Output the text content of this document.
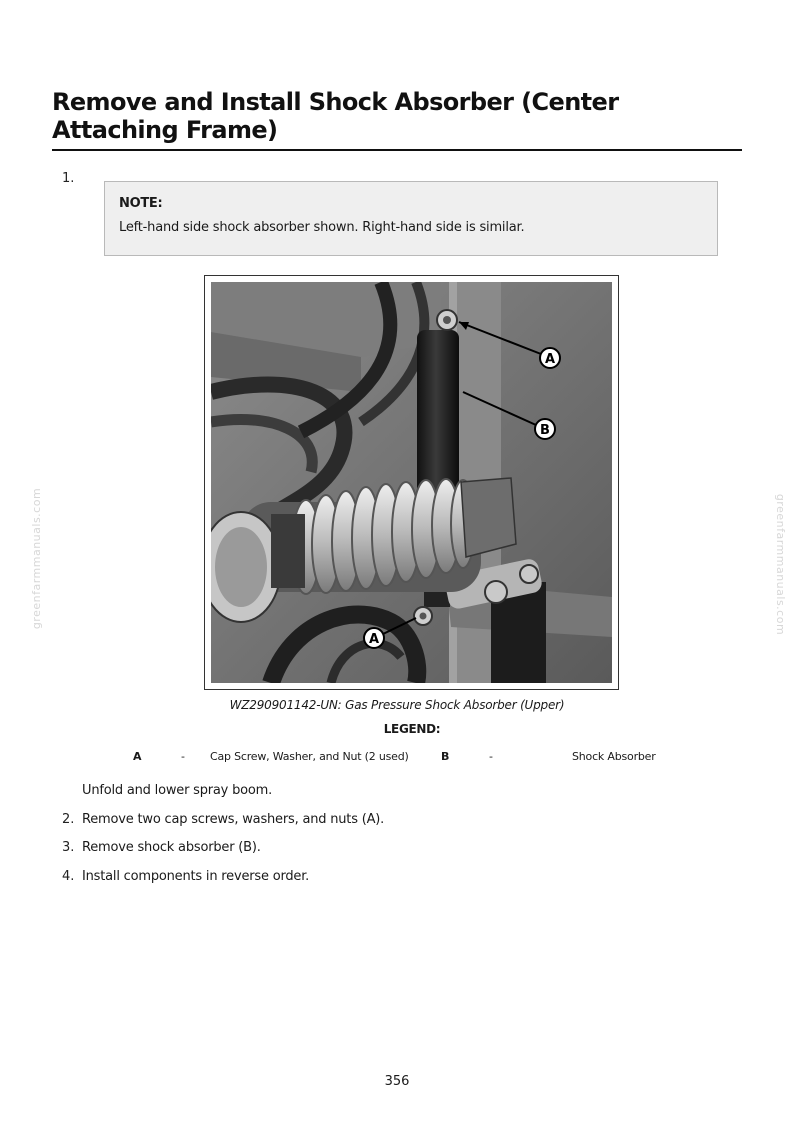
greenfarmmanuals.com	greenfarmmanuals.com
Remove and Install Shock Absorber (Center Attaching Frame)
1.
NOTE:
Left-hand side shock absorber shown. Right-hand side is similar.
A
B
A
WZ290901142-UN: Gas Pressure Shock Absorber (Upper)
LEGEND:
A	- Cap Screw, Washer, and Nut (2 used)	B	-	Shock Absorber
Unfold and lower spray boom.
2. Remove two cap screws, washers, and nuts (A).
3. Remove shock absorber (B).
4. Install components in reverse order.
356
